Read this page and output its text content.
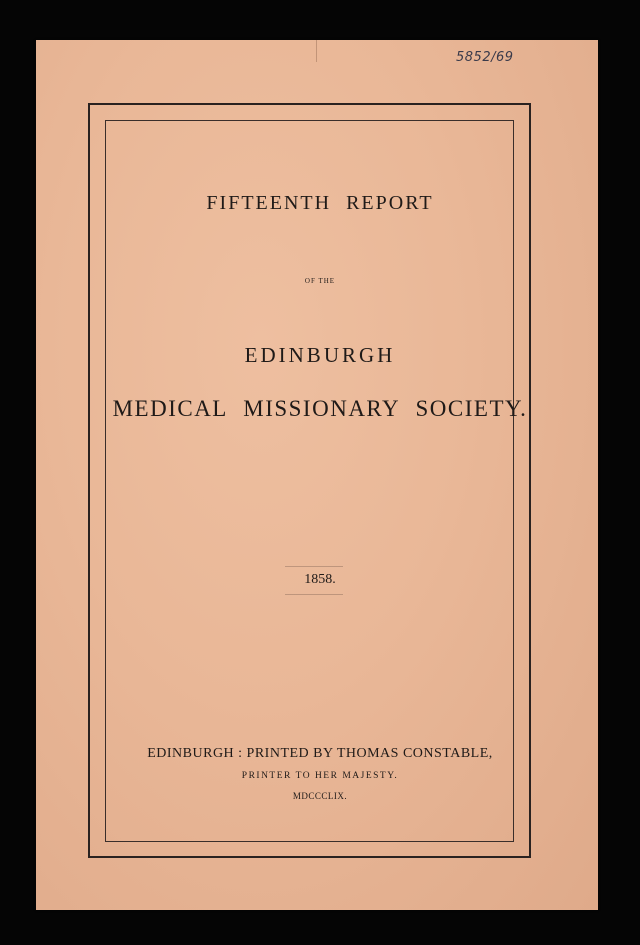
5852/69
FIFTEENTH REPORT
OF THE
EDINBURGH
MEDICAL MISSIONARY SOCIETY.
1858.
EDINBURGH : PRINTED BY THOMAS CONSTABLE,
PRINTER TO HER MAJESTY.
MDCCCLIX.
